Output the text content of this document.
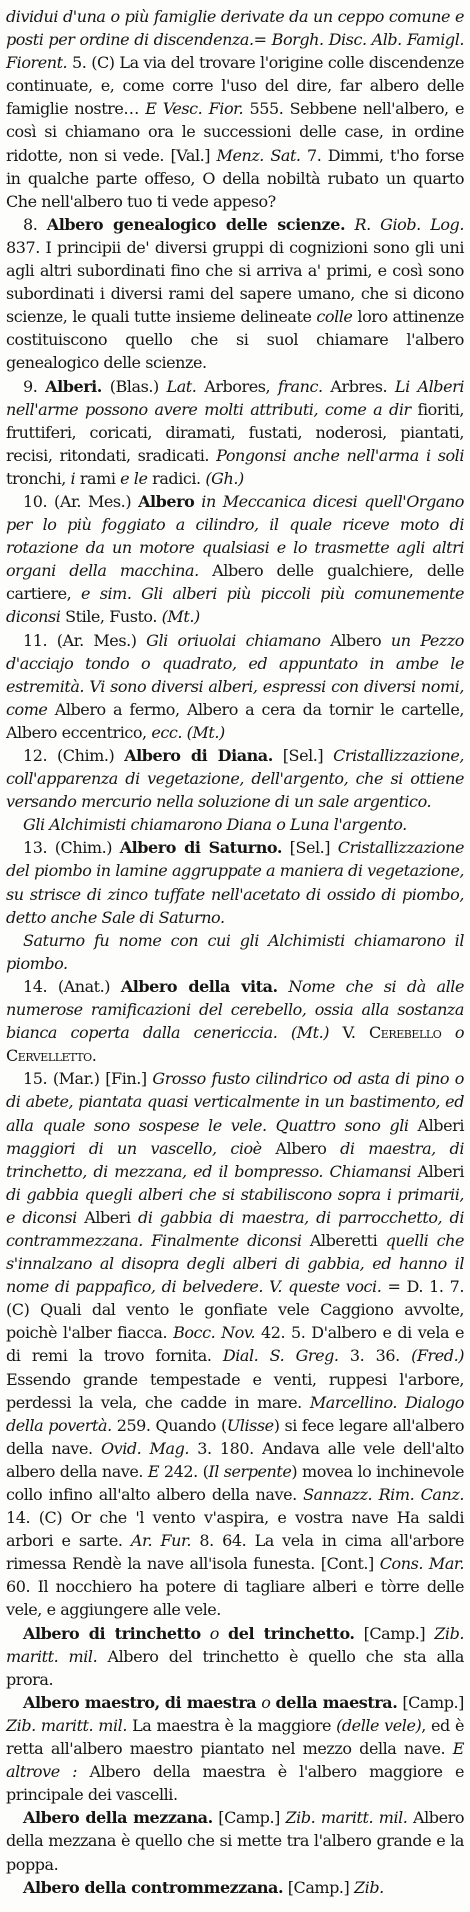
dividui d'una o più famiglie derivate da un ceppo comune e posti per ordine di discendenza.= Borgh. Disc. Alb. Famigl. Fiorent. 5. (C) La via del trovare l'origine colle discendenze continuate, e, come corre l'uso del dire, far albero delle famiglie nostre… E Vesc. Fior. 555. Sebbene nell'albero, e così si chiamano ora le successioni delle case, in ordine ridotte, non si vede. [Val.] Menz. Sat. 7. Dimmi, t'ho forse in qualche parte offeso, O della nobiltà rubato un quarto Che nell'albero tuo ti vede appeso?

8. Albero genealogico delle scienze. R. Giob. Log. 837. I principii de' diversi gruppi di cognizioni sono gli uni agli altri subordinati fino che si arriva a' primi, e così sono subordinati i diversi rami del sapere umano, che si dicono scienze, le quali tutte insieme delineate colle loro attinenze costituiscono quello che si suol chiamare l'albero genealogico delle scienze.

9. Alberi. (Blas.) Lat. Arbores, franc. Arbres. Li Alberi nell'arme possono avere molti attributi, come a dir fioriti, fruttiferi, coricati, diramati, fustati, noderosi, piantati, recisi, ritondati, sradicati. Pongonsi anche nell'arma i soli tronchi, i rami e le radici. (Gh.)

10. (Ar. Mes.) Albero in Meccanica dicesi quell'Organo per lo più foggiato a cilindro, il quale riceve moto di rotazione da un motore qualsiasi e lo trasmette agli altri organi della macchina. Albero delle gualchiere, delle cartiere, e sim. Gli alberi più piccoli più comunemente diconsi Stile, Fusto. (Mt.)

11. (Ar. Mes.) Gli oriuolai chiamano Albero un Pezzo d'acciajo tondo o quadrato, ed appuntato in ambe le estremità. Vi sono diversi alberi, espressi con diversi nomi, come Albero a fermo, Albero a cera da tornir le cartelle, Albero eccentrico, ecc. (Mt.)

12. (Chim.) Albero di Diana. [Sel.] Cristallizzazione, coll'apparenza di vegetazione, dell'argento, che si ottiene versando mercurio nella soluzione di un sale argentico.

Gli Alchimisti chiamarono Diana o Luna l'argento.

13. (Chim.) Albero di Saturno. [Sel.] Cristallizzazione del piombo in lamine aggruppate a maniera di vegetazione, su strisce di zinco tuffate nell'acetato di ossido di piombo, detto anche Sale di Saturno.

Saturno fu nome con cui gli Alchimisti chiamarono il piombo.

14. (Anat.) Albero della vita. Nome che si dà alle numerose ramificazioni del cerebello, ossia alla sostanza bianca coperta dalla cenericcia. (Mt.) V. Cerebello o Cervelletto.

15. (Mar.) [Fin.] Grosso fusto cilindrico od asta di pino o di abete, piantata quasi verticalmente in un bastimento, ed alla quale sono sospese le vele. Quattro sono gli Alberi maggiori di un vascello, cioè Albero di maestra, di trinchetto, di mezzana, ed il bompresso. Chiamansi Alberi di gabbia quegli alberi che si stabiliscono sopra i primarii, e diconsi Alberi di gabbia di maestra, di parrocchetto, di contrammezzana. Finalmente diconsi Alberetti quelli che s'innalzano al disopra degli alberi di gabbia, ed hanno il nome di pappafico, di belvedere. V. queste voci. = D. 1. 7. (C) Quali dal vento le gonfiate vele Caggiono avvolte, poichè l'alber fiacca. Bocc. Nov. 42. 5. D'albero e di vela e di remi la trovo fornita. Dial. S. Greg. 3. 36. (Fred.) Essendo grande tempestade e venti, ruppesi l'arbore, perdessi la vela, che cadde in mare. Marcellino. Dialogo della povertà. 259. Quando (Ulisse) si fece legare all'albero della nave. Ovid. Mag. 3. 180. Andava alle vele dell'alto albero della nave. E 242. (Il serpente) movea lo inchinevole collo infino all'alto albero della nave. Sannazz. Rim. Canz. 14. (C) Or che 'l vento v'aspira, e vostra nave Ha saldi arbori e sarte. Ar. Fur. 8. 64. La vela in cima all'arbore rimessa Rendè la nave all'isola funesta. [Cont.] Cons. Mar. 60. Il nocchiero ha potere di tagliare alberi e tòrre delle vele, e aggiungere alle vele.

Albero di trinchetto o del trinchetto. [Camp.] Zib. maritt. mil. Albero del trinchetto è quello che sta alla prora.

Albero maestro, di maestra o della maestra. [Camp.] Zib. maritt. mil. La maestra è la maggiore (delle vele), ed è retta all'albero maestro piantato nel mezzo della nave. E altrove : Albero della maestra è l'albero maggiore e principale dei vascelli.

Albero della mezzana. [Camp.] Zib. maritt. mil. Albero della mezzana è quello che si mette tra l'albero grande e la poppa.

Albero della contrommezzana. [Camp.] Zib.
